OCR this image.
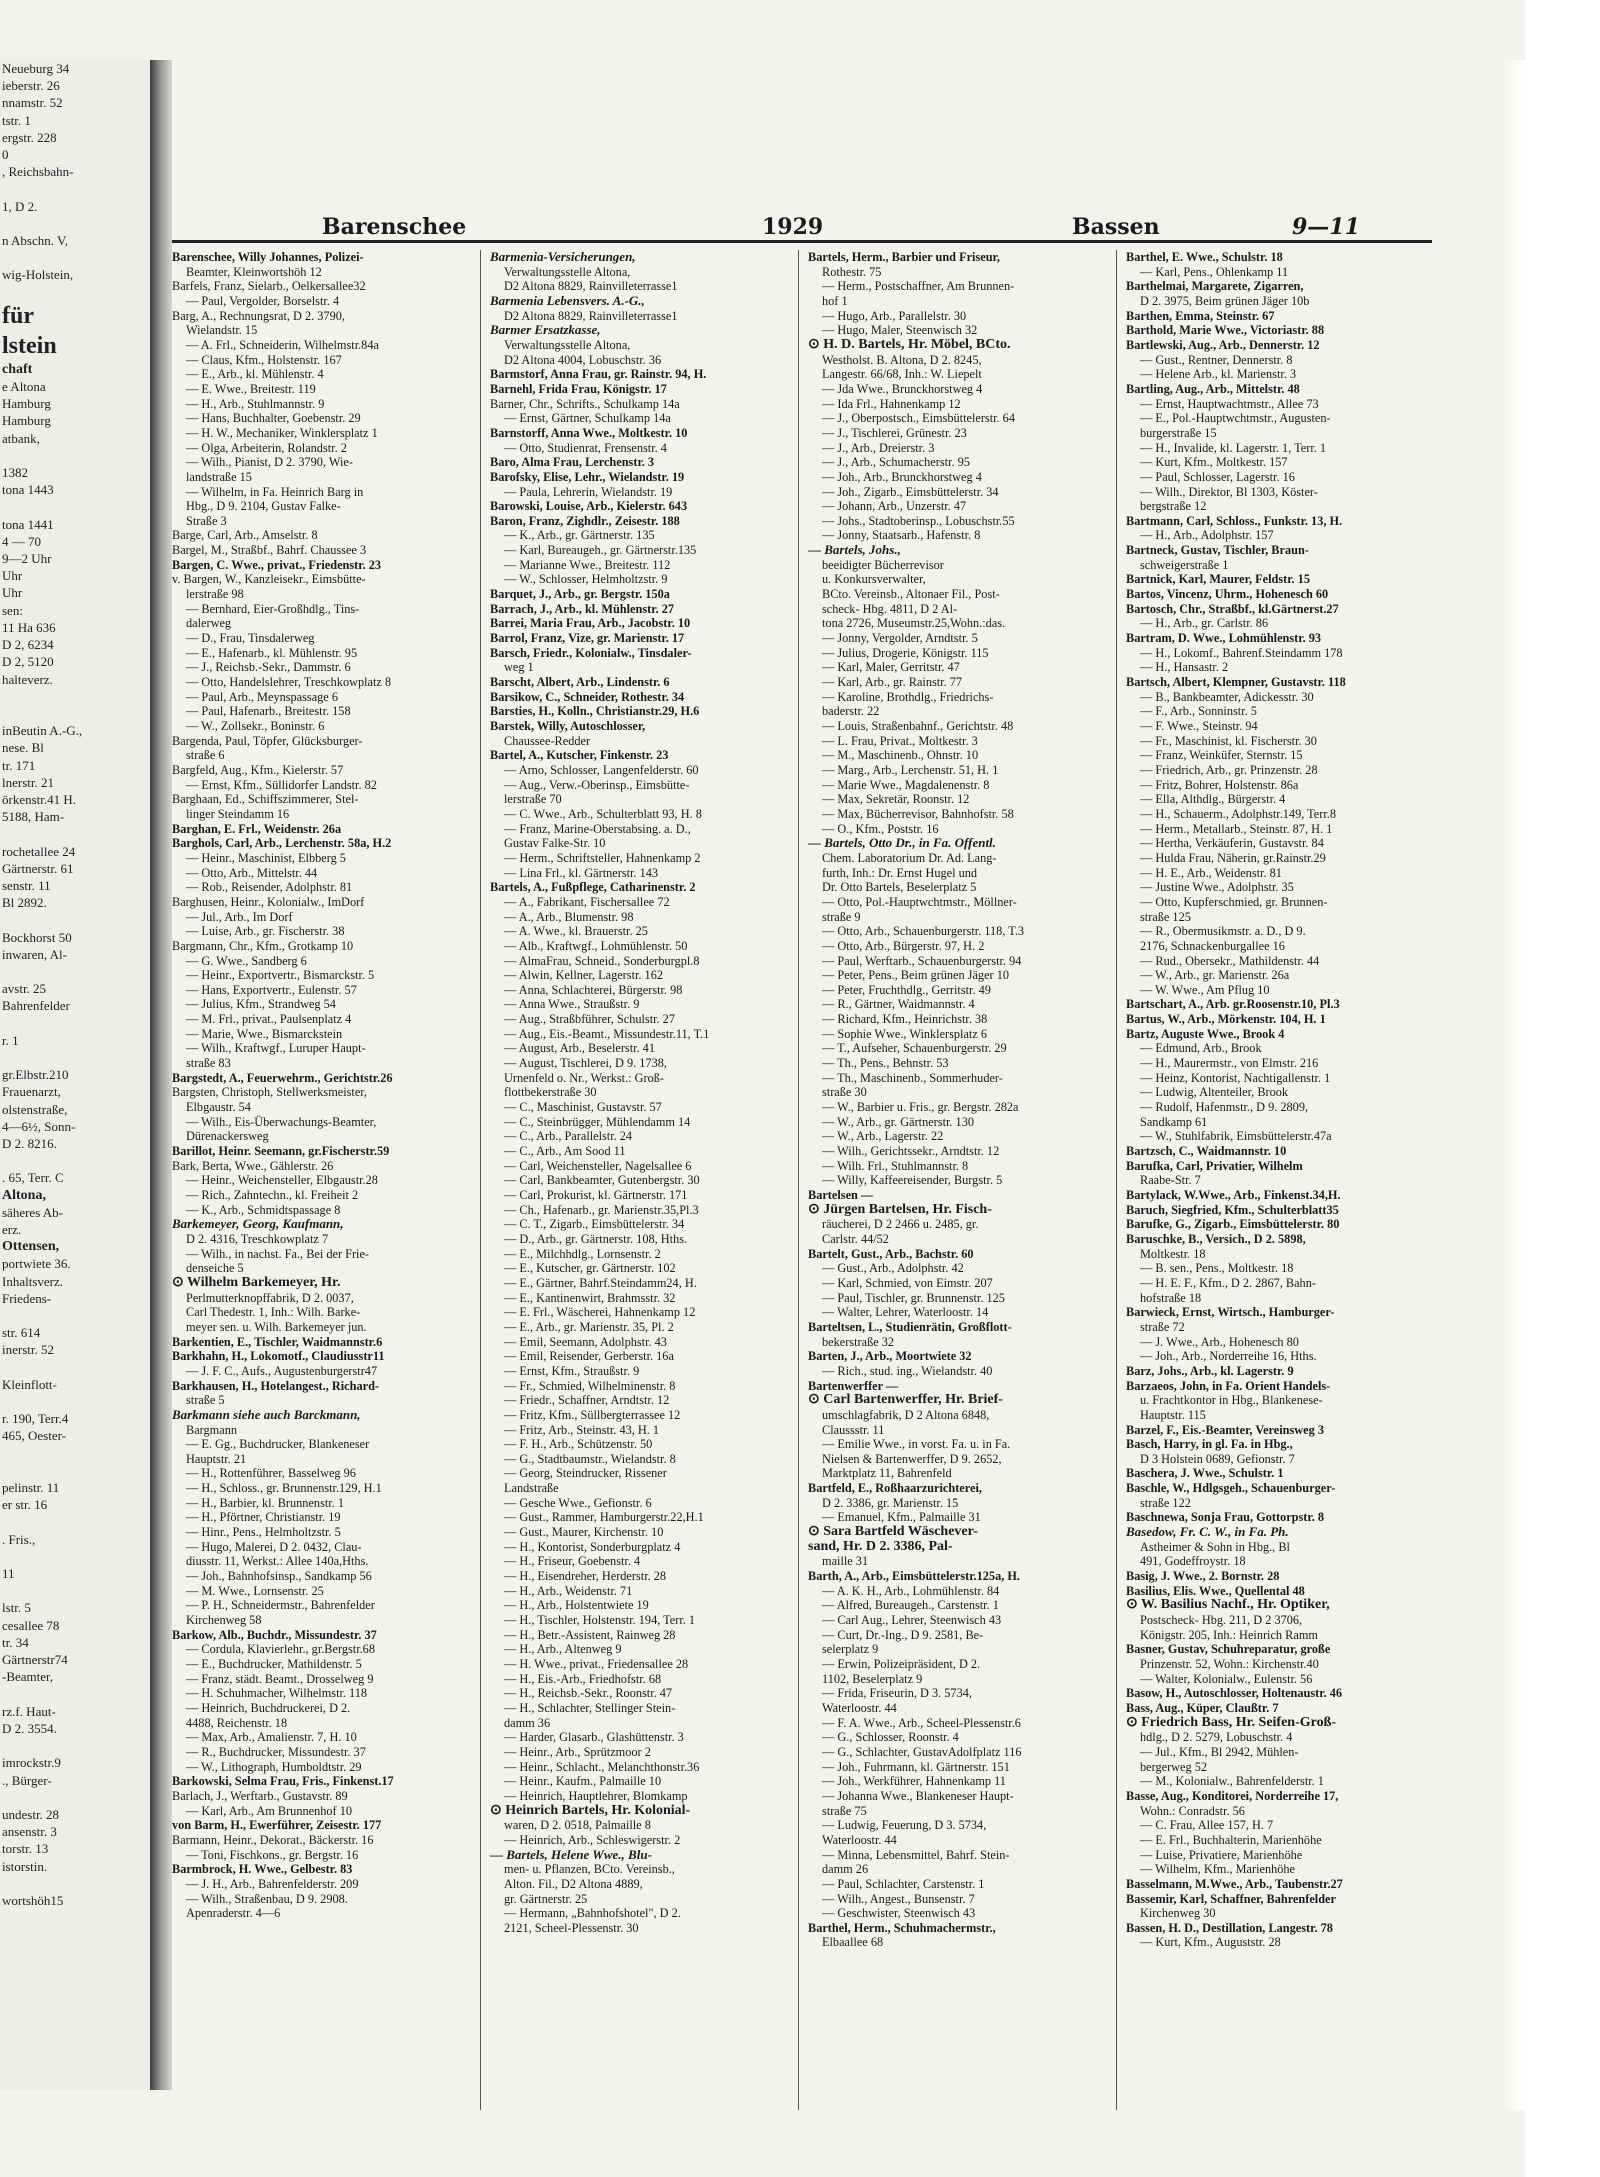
Neueburg 34
ieberstr. 26
nnamstr. 52
tstr. 1
ergstr. 228
0
, Reichsbahn-

1, D 2.

n Abschn. V,

wig-Holstein,

für
lstein
chaft
e Altona
Hamburg
Hamburg
atbank,

1382
tona 1443

tona 1441
4 — 70
9—2 Uhr
Uhr
Uhr
sen:
11 Ha 636
D 2, 6234
D 2, 5120
halteverz.

inBeutin A.-G.,
nese. Bl
tr. 171
lnerstr. 21
örkenstr.41 H.
5188, Ham-

rochetallee 24
Gärtnerstr. 61
senstr. 11
Bl 2892.

Bockhorst 50
inwaren, Al-

avstr. 25
Bahrenfelder

r. 1

gr.Elbstr.210
Frauenarzt,
olstenstraße,
4—6½, Sonn-
D 2. 8216.

. 65, Terr. C
Altona,
säheres Ab-
erz.
Ottensen,
portwiete 36.
Inhaltsverz.
Friedens-

str. 614
inerstr. 52

Kleinflott-

r. 190, Terr.4
465, Oester-

pelinstr. 11
er str. 16

. Fris.,

11

lstr. 5
cesallee 78
tr. 34
Gärtnerstr74
-Beamter,

rz.f. Haut-
D 2. 3554.

imrockstr.9
., Bürger-

undestr. 28
ansenstr. 3
torstr. 13
istorstin.

wortshöh15
Barenschee	1929	Bassen	9—11
Barenschee, Willy Johannes, Polizei-
Beamter, Kleinwortshöh 12
Barfels, Franz, Sielarb., Oelkersallee32
— Paul, Vergolder, Borselstr. 4
Barg, A., Rechnungsrat, D 2. 3790,
Wielandstr. 15
— A. Frl., Schneiderin, Wilhelmstr.84a
— Claus, Kfm., Holstenstr. 167
— E., Arb., kl. Mühlenstr. 4
— E. Wwe., Breitestr. 119
— H., Arb., Stuhlmannstr. 9
— Hans, Buchhalter, Goebenstr. 29
— H. W., Mechaniker, Winklersplatz 1
— Olga, Arbeiterin, Rolandstr. 2
— Wilh., Pianist, D 2. 3790, Wie-
landstraße 15
— Wilhelm, in Fa. Heinrich Barg in
Hbg., D 9. 2104, Gustav Falke-
Straße 3
Barge, Carl, Arb., Amselstr. 8
Bargel, M., Straßbf., Bahrf. Chaussee 3
Bargen, C. Wwe., privat., Friedenstr. 23
v. Bargen, W., Kanzleisekr., Eimsbütte-
lerstraße 98
— Bernhard, Eier-Großhdlg., Tins-
dalerweg
— D., Frau, Tinsdalerweg
— E., Hafenarb., kl. Mühlenstr. 95
— J., Reichsb.-Sekr., Dammstr. 6
— Otto, Handelslehrer, Treschkowplatz 8
— Paul, Arb., Meynspassage 6
— Paul, Hafenarb., Breitestr. 158
— W., Zollsekr., Boninstr. 6
Bargenda, Paul, Töpfer, Glücksburger-
straße 6
Bargfeld, Aug., Kfm., Kielerstr. 57
— Ernst, Kfm., Süllidorfer Landstr. 82
Barghaan, Ed., Schiffszimmerer, Stel-
linger Steindamm 16
Barghan, E. Frl., Weidenstr. 26a
Barghols, Carl, Arb., Lerchenstr. 58a, H.2
— Heinr., Maschinist, Elbberg 5
— Otto, Arb., Mittelstr. 44
— Rob., Reisender, Adolphstr. 81
Barghusen, Heinr., Kolonialw., ImDorf
— Jul., Arb., Im Dorf
— Luise, Arb., gr. Fischerstr. 38
Bargmann, Chr., Kfm., Grotkamp 10
— G. Wwe., Sandberg 6
— Heinr., Exportvertr., Bismarckstr. 5
— Hans, Exportvertr., Eulenstr. 57
— Julius, Kfm., Strandweg 54
— M. Frl., privat., Paulsenplatz 4
— Marie, Wwe., Bismarckstein
— Wilh., Kraftwgf., Luruper Haupt-
straße 83
Bargstedt, A., Feuerwehrm., Gerichtstr.26
Bargsten, Christoph, Stellwerksmeister,
Elbgaustr. 54
— Wilh., Eis-Überwachungs-Beamter,
Dürenackersweg
Barillot, Heinr. Seemann, gr.Fischerstr.59
Bark, Berta, Wwe., Gählerstr. 26
— Heinr., Weichensteller, Elbgaustr.28
— Rich., Zahntechn., kl. Freiheit 2
— K., Arb., Schmidtspassage 8
Barkemeyer, Georg, Kaufmann,
D 2. 4316, Treschkowplatz 7
— Wilh., in nachst. Fa., Bei der Frie-
denseiche 5
⊙ Wilhelm Barkemeyer, Hr.
Perlmutterknopffabrik, D 2. 0037,
Carl Thedestr. 1, Inh.: Wilh. Barke-
meyer sen. u. Wilh. Barkemeyer jun.
Barkentien, E., Tischler, Waidmannstr.6
Barkhahn, H., Lokomotf., Claudiusstr11
— J. F. C., Aufs., Augustenburgerstr47
Barkhausen, H., Hotelangest., Richard-
straße 5
Barkmann siehe auch Barckmann,
Bargmann
— E. Gg., Buchdrucker, Blankeneser
Hauptstr. 21
— H., Rottenführer, Basselweg 96
— H., Schloss., gr. Brunnenstr.129, H.1
— H., Barbier, kl. Brunnenstr. 1
— H., Pförtner, Christianstr. 19
— Hinr., Pens., Helmholtzstr. 5
— Hugo, Malerei, D 2. 0432, Clau-
diusstr. 11, Werkst.: Allee 140a,Hths.
— Joh., Bahnhofsinsp., Sandkamp 56
— M. Wwe., Lornsenstr. 25
— P. H., Schneidermstr., Bahrenfelder
Kirchenweg 58
Barkow, Alb., Buchdr., Missundestr. 37
— Cordula, Klavierlehr., gr.Bergstr.68
— E., Buchdrucker, Mathildenstr. 5
— Franz, städt. Beamt., Drosselweg 9
— H. Schuhmacher, Wilhelmstr. 118
— Heinrich, Buchdruckerei, D 2.
4488, Reichenstr. 18
— Max, Arb., Amalienstr. 7, H. 10
— R., Buchdrucker, Missundestr. 37
— W., Lithograph, Humboldtstr. 29
Barkowski, Selma Frau, Fris., Finkenst.17
Barlach, J., Werftarb., Gustavstr. 89
— Karl, Arb., Am Brunnenhof 10
von Barm, H., Ewerführer, Zeisestr. 177
Barmann, Heinr., Dekorat., Bäckerstr. 16
— Toni, Fischkons., gr. Bergstr. 16
Barmbrock, H. Wwe., Gelbestr. 83
— J. H., Arb., Bahrenfelderstr. 209
— Wilh., Straßenbau, D 9. 2908.
Apenraderstr. 4—6
Barmenia-Versicherungen,
Verwaltungsstelle Altona,
D2 Altona 8829, Rainvilleterrasse1
Barmenia Lebensvers. A.-G.,
D2 Altona 8829, Rainvilleterrasse1
Barmer Ersatzkasse,
Verwaltungsstelle Altona,
D2 Altona 4004, Lobuschstr. 36
Barmstorf, Anna Frau, gr. Rainstr. 94, H.
Barnehl, Frida Frau, Königstr. 17
Barner, Chr., Schrifts., Schulkamp 14a
— Ernst, Gärtner, Schulkamp 14a
Barnstorff, Anna Wwe., Moltkestr. 10
— Otto, Studienrat, Frensenstr. 4
Baro, Alma Frau, Lerchenstr. 3
Barofsky, Elise, Lehr., Wielandstr. 19
— Paula, Lehrerin, Wielandstr. 19
Barowski, Louise, Arb., Kielerstr. 643
Baron, Franz, Zighdlr., Zeisestr. 188
— K., Arb., gr. Gärtnerstr. 135
— Karl, Bureaugeh., gr. Gärtnerstr.135
— Marianne Wwe., Breitestr. 112
— W., Schlosser, Helmholtzstr. 9
Barquet, J., Arb., gr. Bergstr. 150a
Barrach, J., Arb., kl. Mühlenstr. 27
Barrei, Maria Frau, Arb., Jacobstr. 10
Barrol, Franz, Vize, gr. Marienstr. 17
Barsch, Friedr., Kolonialw., Tinsdaler-
weg 1
Barscht, Albert, Arb., Lindenstr. 6
Barsikow, C., Schneider, Rothestr. 34
Barsties, H., Kolln., Christianstr.29, H.6
Barstek, Willy, Autoschlosser,
Chaussee-Redder
Bartel, A., Kutscher, Finkenstr. 23
— Arno, Schlosser, Langenfelderstr. 60
— Aug., Verw.-Oberinsp., Eimsbütte-
lerstraße 70
— C. Wwe., Arb., Schulterblatt 93, H. 8
— Franz, Marine-Oberstabsing. a. D.,
Gustav Falke-Str. 10
— Herm., Schriftsteller, Hahnenkamp 2
— Lina Frl., kl. Gärtnerstr. 143
Bartels, A., Fußpflege, Catharinenstr. 2
— A., Fabrikant, Fischersallee 72
— A., Arb., Blumenstr. 98
— A. Wwe., kl. Brauerstr. 25
— Alb., Kraftwgf., Lohmühlenstr. 50
— AlmaFrau, Schneid., Sonderburgpl.8
— Alwin, Kellner, Lagerstr. 162
— Anna, Schlachterei, Bürgerstr. 98
— Anna Wwe., Straußstr. 9
— Aug., Straßbführer, Schulstr. 27
— Aug., Eis.-Beamt., Missundestr.11, T.1
— August, Arb., Beselerstr. 41
— August, Tischlerei, D 9. 1738,
Urnenfeld o. Nr., Werkst.: Groß-
flottbekerstraße 30
— C., Maschinist, Gustavstr. 57
— C., Steinbrügger, Mühlendamm 14
— C., Arb., Parallelstr. 24
— C., Arb., Am Sood 11
— Carl, Weichensteller, Nagelsallee 6
— Carl, Bankbeamter, Gutenbergstr. 30
— Carl, Prokurist, kl. Gärtnerstr. 171
— Ch., Hafenarb., gr. Marienstr.35,Pl.3
— C. T., Zigarb., Eimsbüttelerstr. 34
— D., Arb., gr. Gärtnerstr. 108, Hths.
— E., Milchhdlg., Lornsenstr. 2
— E., Kutscher, gr. Gärtnerstr. 102
— E., Gärtner, Bahrf.Steindamm24, H.
— E., Kantinenwirt, Brahmsstr. 32
— E. Frl., Wäscherei, Hahnenkamp 12
— E., Arb., gr. Marienstr. 35, Pl. 2
— Emil, Seemann, Adolphstr. 43
— Emil, Reisender, Gerberstr. 16a
— Ernst, Kfm., Straußstr. 9
— Fr., Schmied, Wilhelminenstr. 8
— Friedr., Schaffner, Arndtstr. 12
— Fritz, Kfm., Süllbergterrassee 12
— Fritz, Arb., Steinstr. 43, H. 1
— F. H., Arb., Schützenstr. 50
— G., Stadtbaumstr., Wielandstr. 8
— Georg, Steindrucker, Rissener
Landstraße
— Gesche Wwe., Gefionstr. 6
— Gust., Rammer, Hamburgerstr.22,H.1
— Gust., Maurer, Kirchenstr. 10
— H., Kontorist, Sonderburgplatz 4
— H., Friseur, Goebenstr. 4
— H., Eisendreher, Herderstr. 28
— H., Arb., Weidenstr. 71
— H., Arb., Holstentwiete 19
— H., Tischler, Holstenstr. 194, Terr. 1
— H., Betr.-Assistent, Rainweg 28
— H., Arb., Altenweg 9
— H. Wwe., privat., Friedensallee 28
— H., Eis.-Arb., Friedhofstr. 68
— H., Reichsb.-Sekr., Roonstr. 47
— H., Schlachter, Stellinger Stein-
damm 36
— Harder, Glasarb., Glashüttenstr. 3
— Heinr., Arb., Sprützmoor 2
— Heinr., Schlacht., Melanchthonstr.36
— Heinr., Kaufm., Palmaille 10
— Heinrich, Hauptlehrer, Blomkamp
⊙ Heinrich Bartels, Hr. Kolonial-
waren, D 2. 0518, Palmaille 8
— Heinrich, Arb., Schleswigerstr. 2
— Bartels, Helene Wwe., Blu-
men- u. Pflanzen, BCto. Vereinsb.,
Alton. Fil., D2 Altona 4889,
gr. Gärtnerstr. 25
— Hermann, „Bahnhofshotel", D 2.
2121, Scheel-Plessenstr. 30
Bartels, Herm., Barbier und Friseur,
Rothestr. 75
— Herm., Postschaffner, Am Brunnen-
hof 1
— Hugo, Arb., Parallelstr. 30
— Hugo, Maler, Steenwisch 32
⊙ H. D. Bartels, Hr. Möbel, BCto.
Westholst. B. Altona, D 2. 8245,
Langestr. 66/68, Inh.: W. Liepelt
— Jda Wwe., Brunckhorstweg 4
— Ida Frl., Hahnenkamp 12
— J., Oberpostsch., Eimsbüttelerstr. 64
— J., Tischlerei, Grünestr. 23
— J., Arb., Dreierstr. 3
— J., Arb., Schumacherstr. 95
— Joh., Arb., Brunckhorstweg 4
— Joh., Zigarb., Eimsbüttelerstr. 34
— Johann, Arb., Unzerstr. 47
— Johs., Stadtoberinsp., Lobuschstr.55
— Jonny, Staatsarb., Hafenstr. 8
— Bartels, Johs.,
beeidigter Bücherrevisor
u. Konkursverwalter,
BCto. Vereinsb., Altonaer Fil., Post-
scheck- Hbg. 4811, D 2 Al-
tona 2726, Museumstr.25,Wohn.:das.
— Jonny, Vergolder, Arndtstr. 5
— Julius, Drogerie, Königstr. 115
— Karl, Maler, Gerritstr. 47
— Karl, Arb., gr. Rainstr. 77
— Karoline, Brothdlg., Friedrichs-
baderstr. 22
— Louis, Straßenbahnf., Gerichtstr. 48
— L. Frau, Privat., Moltkestr. 3
— M., Maschinenb., Ohnstr. 10
— Marg., Arb., Lerchenstr. 51, H. 1
— Marie Wwe., Magdalenenstr. 8
— Max, Sekretär, Roonstr. 12
— Max, Bücherrevisor, Bahnhofstr. 58
— O., Kfm., Poststr. 16
— Bartels, Otto Dr., in Fa. Offentl.
Chem. Laboratorium Dr. Ad. Lang-
furth, Inh.: Dr. Ernst Hugel und
Dr. Otto Bartels, Beselerplatz 5
— Otto, Pol.-Hauptwchtmstr., Möllner-
straße 9
— Otto, Arb., Schauenburgerstr. 118, T.3
— Otto, Arb., Bürgerstr. 97, H. 2
— Paul, Werftarb., Schauenburgerstr. 94
— Peter, Pens., Beim grünen Jäger 10
— Peter, Fruchthdlg., Gerritstr. 49
— R., Gärtner, Waidmannstr. 4
— Richard, Kfm., Heinrichstr. 38
— Sophie Wwe., Winklersplatz 6
— T., Aufseher, Schauenburgerstr. 29
— Th., Pens., Behnstr. 53
— Th., Maschinenb., Sommerhuder-
straße 30
— W., Barbier u. Fris., gr. Bergstr. 282a
— W., Arb., gr. Gärtnerstr. 130
— W., Arb., Lagerstr. 22
— Wilh., Gerichtssekr., Arndtstr. 12
— Wilh. Frl., Stuhlmannstr. 8
— Willy, Kaffeereisender, Burgstr. 5
Bartelsen —
⊙ Jürgen Bartelsen, Hr. Fisch-
räucherei, D 2 2466 u. 2485, gr.
Carlstr. 44/52
Bartelt, Gust., Arb., Bachstr. 60
— Gust., Arb., Adolphstr. 42
— Karl, Schmied, von Eimstr. 207
— Paul, Tischler, gr. Brunnenstr. 125
— Walter, Lehrer, Waterloostr. 14
Barteltsen, L., Studienrätin, Großflott-
bekerstraße 32
Barten, J., Arb., Moortwiete 32
— Rich., stud. ing., Wielandstr. 40
Bartenwerffer —
⊙ Carl Bartenwerffer, Hr. Brief-
umschlagfabrik, D 2 Altona 6848,
Claussstr. 11
— Emilie Wwe., in vorst. Fa. u. in Fa.
Nielsen & Bartenwerffer, D 9. 2652,
Marktplatz 11, Bahrenfeld
Bartfeld, E., Roßhaarzurichterei,
D 2. 3386, gr. Marienstr. 15
— Emanuel, Kfm., Palmaille 31
⊙ Sara Bartfeld Wäschever-
sand, Hr. D 2. 3386, Pal-
maille 31
Barth, A., Arb., Eimsbüttelerstr.125a, H.
— A. K. H., Arb., Lohmühlenstr. 84
— Alfred, Bureaugeh., Carstenstr. 1
— Carl Aug., Lehrer, Steenwisch 43
— Curt, Dr.-Ing., D 9. 2581, Be-
selerplatz 9
— Erwin, Polizeipräsident, D 2.
1102, Beselerplatz 9
— Frida, Friseurin, D 3. 5734,
Waterloostr. 44
— F. A. Wwe., Arb., Scheel-Plessenstr.6
— G., Schlosser, Roonstr. 4
— G., Schlachter, GustavAdolfplatz 116
— Joh., Fuhrmann, kl. Gärtnerstr. 151
— Joh., Werkführer, Hahnenkamp 11
— Johanna Wwe., Blankeneser Haupt-
straße 75
— Ludwig, Feuerung, D 3. 5734,
Waterloostr. 44
— Minna, Lebensmittel, Bahrf. Stein-
damm 26
— Paul, Schlachter, Carstenstr. 1
— Wilh., Angest., Bunsenstr. 7
— Geschwister, Steenwisch 43
Barthel, Herm., Schuhmachermstr.,
Elbaallee 68
Barthel, E. Wwe., Schulstr. 18
— Karl, Pens., Ohlenkamp 11
Barthelmai, Margarete, Zigarren,
D 2. 3975, Beim grünen Jäger 10b
Barthen, Emma, Steinstr. 67
Barthold, Marie Wwe., Victoriastr. 88
Bartlewski, Aug., Arb., Dennerstr. 12
— Gust., Rentner, Dennerstr. 8
— Helene Arb., kl. Marienstr. 3
Bartling, Aug., Arb., Mittelstr. 48
— Ernst, Hauptwachtmstr., Allee 73
— E., Pol.-Hauptwchtmstr., Augusten-
burgerstraße 15
— H., Invalide, kl. Lagerstr. 1, Terr. 1
— Kurt, Kfm., Moltkestr. 157
— Paul, Schlosser, Lagerstr. 16
— Wilh., Direktor, Bl 1303, Köster-
bergstraße 12
Bartmann, Carl, Schloss., Funkstr. 13, H.
— H., Arb., Adolphstr. 157
Bartneck, Gustav, Tischler, Braun-
schweigerstraße 1
Bartnick, Karl, Maurer, Feldstr. 15
Bartos, Vincenz, Uhrm., Hohenesch 60
Bartosch, Chr., Straßbf., kl.Gärtnerst.27
— H., Arb., gr. Carlstr. 86
Bartram, D. Wwe., Lohmühlenstr. 93
— H., Lokomf., Bahrenf.Steindamm 178
— H., Hansastr. 2
Bartsch, Albert, Klempner, Gustavstr. 118
— B., Bankbeamter, Adickesstr. 30
— F., Arb., Sonninstr. 5
— F. Wwe., Steinstr. 94
— Fr., Maschinist, kl. Fischerstr. 30
— Franz, Weinküfer, Sternstr. 15
— Friedrich, Arb., gr. Prinzenstr. 28
— Fritz, Bohrer, Holstenstr. 86a
— Ella, Althdlg., Bürgerstr. 4
— H., Schauerm., Adolphstr.149, Terr.8
— Herm., Metallarb., Steinstr. 87, H. 1
— Hertha, Verkäuferin, Gustavstr. 84
— Hulda Frau, Näherin, gr.Rainstr.29
— H. E., Arb., Weidenstr. 81
— Justine Wwe., Adolphstr. 35
— Otto, Kupferschmied, gr. Brunnen-
straße 125
— R., Obermusikmstr. a. D., D 9.
2176, Schnackenburgallee 16
— Rud., Obersekr., Mathildenstr. 44
— W., Arb., gr. Marienstr. 26a
— W. Wwe., Am Pflug 10
Bartschart, A., Arb. gr.Roosenstr.10, Pl.3
Bartus, W., Arb., Mörkenstr. 104, H. 1
Bartz, Auguste Wwe., Brook 4
— Edmund, Arb., Brook
— H., Maurermstr., von Elmstr. 216
— Heinz, Kontorist, Nachtigallenstr. 1
— Ludwig, Altenteiler, Brook
— Rudolf, Hafenmstr., D 9. 2809,
Sandkamp 61
— W., Stuhlfabrik, Eimsbüttelerstr.47a
Bartzsch, C., Waidmannstr. 10
Barufka, Carl, Privatier, Wilhelm
Raabe-Str. 7
Bartylack, W.Wwe., Arb., Finkenst.34,H.
Baruch, Siegfried, Kfm., Schulterblatt35
Barufke, G., Zigarb., Eimsbüttelerstr. 80
Baruschke, B., Versich., D 2. 5898,
Moltkestr. 18
— B. sen., Pens., Moltkestr. 18
— H. E. F., Kfm., D 2. 2867, Bahn-
hofstraße 18
Barwieck, Ernst, Wirtsch., Hamburger-
straße 72
— J. Wwe., Arb., Hohenesch 80
— Joh., Arb., Norderreihe 16, Hths.
Barz, Johs., Arb., kl. Lagerstr. 9
Barzaeos, John, in Fa. Orient Handels-
u. Frachtkontor in Hbg., Blankenese-
Hauptstr. 115
Barzel, F., Eis.-Beamter, Vereinsweg 3
Basch, Harry, in gl. Fa. in Hbg.,
D 3 Holstein 0689, Gefionstr. 7
Baschera, J. Wwe., Schulstr. 1
Baschle, W., Hdlgsgeh., Schauenburger-
straße 122
Baschnewa, Sonja Frau, Gottorpstr. 8
Basedow, Fr. C. W., in Fa. Ph.
Astheimer & Sohn in Hbg., Bl
491, Godeffroystr. 18
Basig, J. Wwe., 2. Bornstr. 28
Basilius, Elis. Wwe., Quellental 48
⊙ W. Basilius Nachf., Hr. Optiker,
Postscheck- Hbg. 211, D 2 3706,
Königstr. 205, Inh.: Heinrich Ramm
Basner, Gustav, Schuhreparatur, große
Prinzenstr. 52, Wohn.: Kirchenstr.40
— Walter, Kolonialw., Eulenstr. 56
Basow, H., Autoschlosser, Holtenaustr. 46
Bass, Aug., Küper, Claußtr. 7
⊙ Friedrich Bass, Hr. Seifen-Groß-
hdlg., D 2. 5279, Lobuschstr. 4
— Jul., Kfm., Bl 2942, Mühlen-
bergerweg 52
— M., Kolonialw., Bahrenfelderstr. 1
Basse, Aug., Konditorei, Norderreihe 17,
Wohn.: Conradstr. 56
— C. Frau, Allee 157, H. 7
— E. Frl., Buchhalterin, Marienhöhe
— Luise, Privatiere, Marienhöhe
— Wilhelm, Kfm., Marienhöhe
Basselmann, M.Wwe., Arb., Taubenstr.27
Bassemir, Karl, Schaffner, Bahrenfelder
Kirchenweg 30
Bassen, H. D., Destillation, Langestr. 78
— Kurt, Kfm., Auguststr. 28
